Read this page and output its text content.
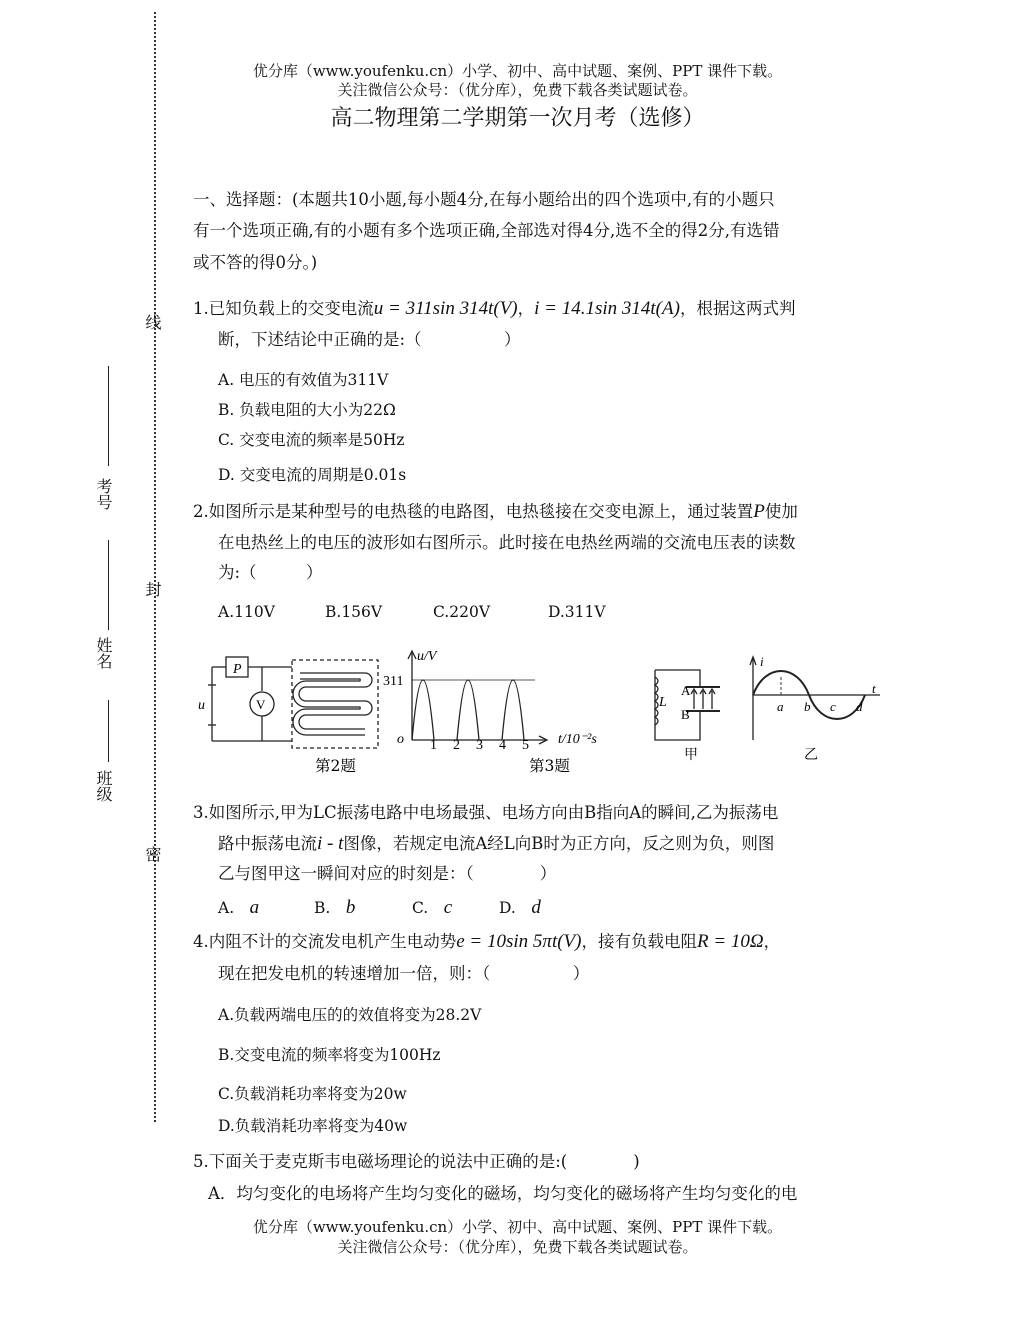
线
封
密
考号
姓名
班级
优分库（www.youfenku.cn）小学、初中、高中试题、案例、PPT 课件下载。
关注微信公众号：（优分库），免费下载各类试题试卷。
高二物理第二学期第一次月考（选修）
一、选择题：(本题共10小题,每小题4分,在每小题给出的四个选项中,有的小题只
有一个选项正确,有的小题有多个选项正确,全部选对得4分,选不全的得2分,有选错
或不答的得0分。)
1.已知负载上的交变电流u = 311sin 314t(V)，i = 14.1sin 314t(A)，根据这两式判
断，下述结论中正确的是:（　　　　　）
A. 电压的有效值为311V
B. 负载电阻的大小为22Ω
C. 交变电流的频率是50Hz
D. 交变电流的周期是0.01s
2.如图所示是某种型号的电热毯的电路图，电热毯接在交变电源上，通过装置P使加
在电热丝上的电压的波形如右图所示。此时接在电热丝两端的交流电压表的读数
为:（　　　）
A.110V	B.156V	C.220V	D.311V
P
V
u
第2题
u/V
311
o	t/10⁻²s
1 2 3 4 5
第3题
L
A
B
甲
i
t
a b c d
乙
3.如图所示,甲为LC振荡电路中电场最强、电场方向由B指向A的瞬间,乙为振荡电
路中振荡电流i - t图像，若规定电流A经L向B时为正方向，反之则为负，则图
乙与图甲这一瞬间对应的时刻是：（　　　　）
A.　 a	B.　 b	C.　 c	D.　 d
4.内阻不计的交流发电机产生电动势e = 10sin 5πt(V)，接有负载电阻R = 10Ω，
现在把发电机的转速增加一倍，则：（　　　　　）
A.负载两端电压的的效值将变为28.2V
B.交变电流的频率将变为100Hz
C.负载消耗功率将变为20w
D.负载消耗功率将变为40w
5.下面关于麦克斯韦电磁场理论的说法中正确的是:(　　　　)
A．均匀变化的电场将产生均匀变化的磁场，均匀变化的磁场将产生均匀变化的电
优分库（www.youfenku.cn）小学、初中、高中试题、案例、PPT 课件下载。
关注微信公众号：（优分库），免费下载各类试题试卷。
